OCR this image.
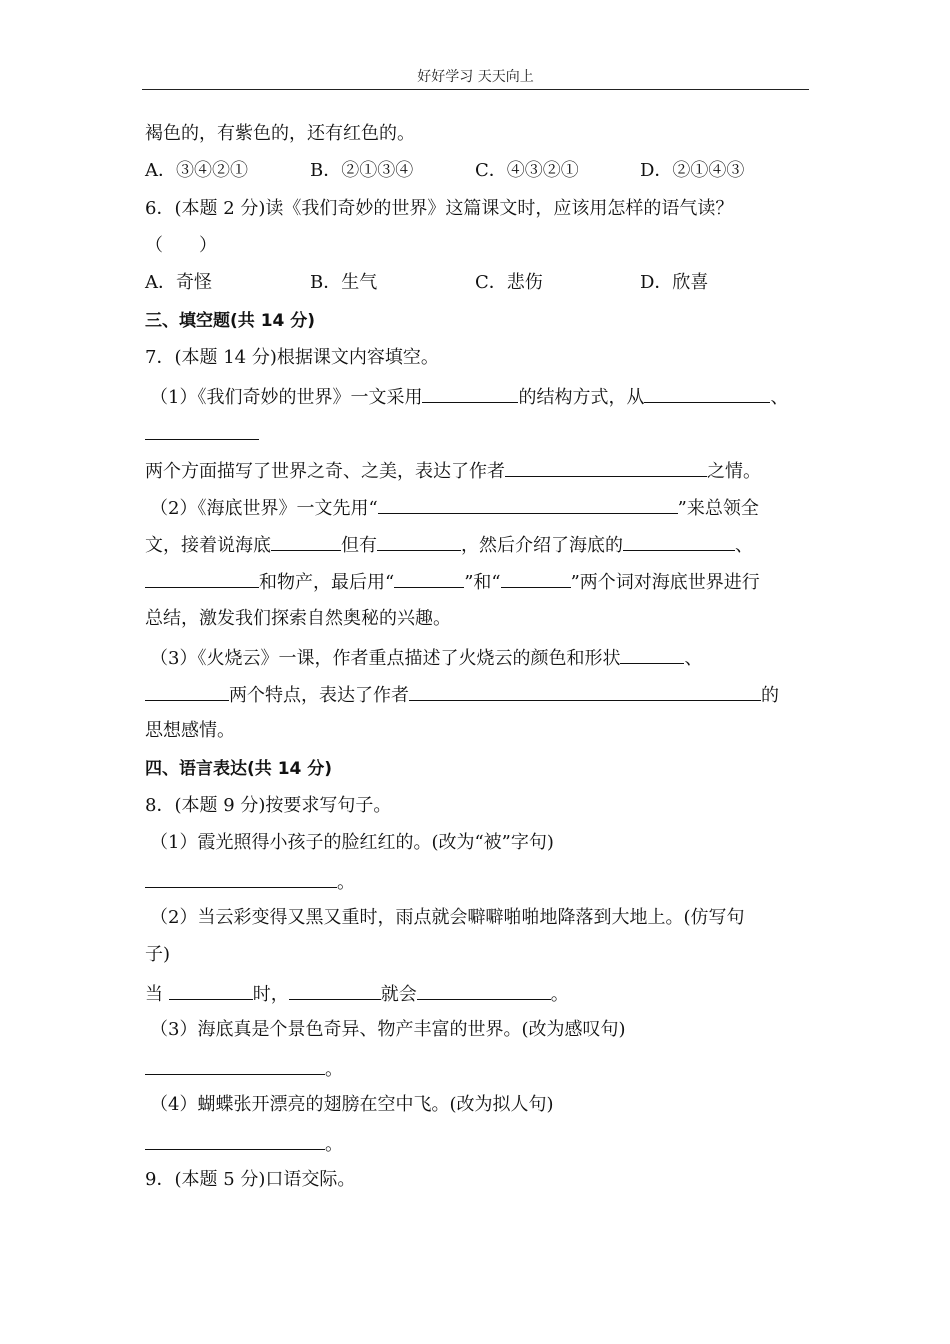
好好学习 天天向上
褐色的，有紫色的，还有红色的。
A．③④②①	B．②①③④	C．④③②①	D．②①④③
6．(本题 2 分)读《我们奇妙的世界》这篇课文时，应该用怎样的语气读？
（　　）
A．奇怪	B．生气	C．悲伤	D．欣喜
三、填空题(共 14 分)
7．(本题 14 分)根据课文内容填空。
（1）《我们奇妙的世界》一文采用	的结构方式，从	、
两个方面描写了世界之奇、之美，表达了作者	之情。
（2）《海底世界》一文先用“	”来总领全
文，接着说海底	但有	，然后介绍了海底的	、
和物产，最后用“	”和“	”两个词对海底世界进行
总结，激发我们探索自然奥秘的兴趣。
（3）《火烧云》一课，作者重点描述了火烧云的颜色和形状	、
两个特点，表达了作者	的
思想感情。
四、语言表达(共 14 分)
8．(本题 9 分)按要求写句子。
（1）霞光照得小孩子的脸红红的。(改为“被”字句)
。
（2）当云彩变得又黑又重时，雨点就会噼噼啪啪地降落到大地上。(仿写句
子)
当	时，	就会	。
（3）海底真是个景色奇异、物产丰富的世界。(改为感叹句)
。
（4）蝴蝶张开漂亮的翅膀在空中飞。(改为拟人句)
。
9．(本题 5 分)口语交际。
